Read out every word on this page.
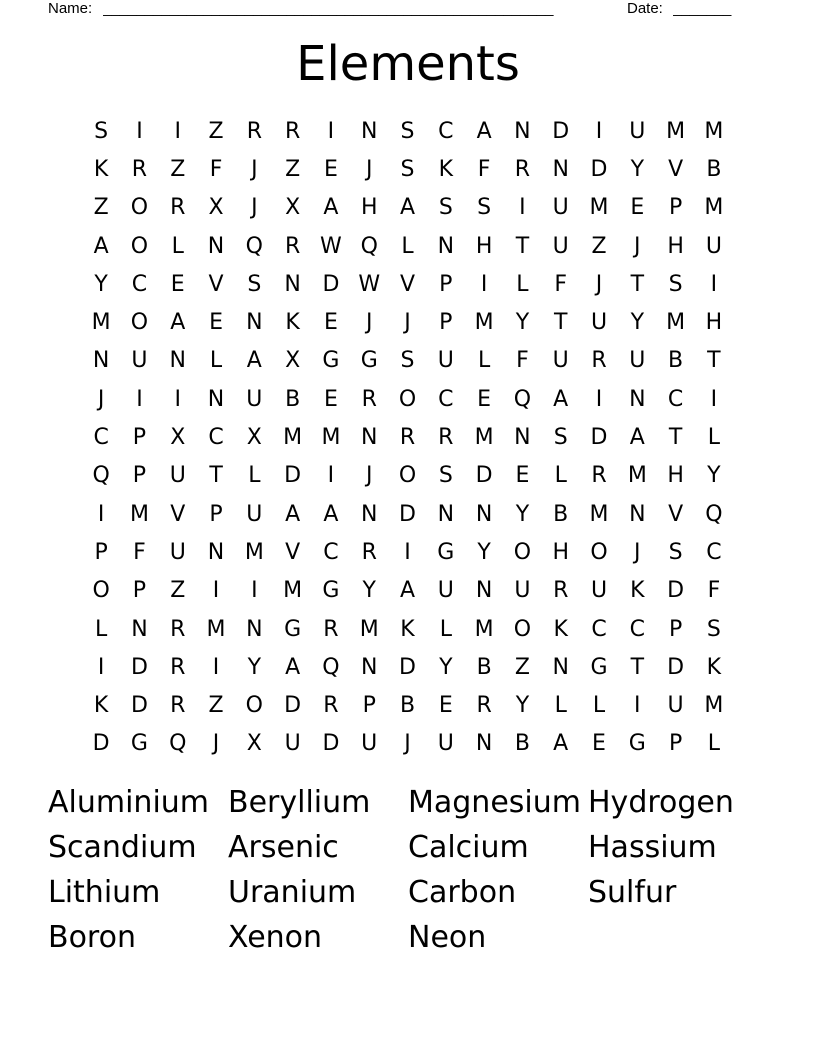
Name: ______________________________________________________	Date: _______
Elements
S	I	I	Z	R	R	I	N	S	C	A	N D	I	U M M
K	R	Z	F	J	Z	E	J	S	K	F	R	N D	Y	V	B
Z	O R	X	J	X	A	H	A	S	S	I	U M E	P	M
A	O	L	N Q R W Q	L	N H	T	U	Z	J	H U
Y	C	E	V	S	N D W V	P	I	L	F	J	T	S	I
M O	A	E	N	K	E	J	J	P	M	Y	T	U	Y	M H
N	U	N	L	A	X	G G	S	U	L	F	U	R	U	B	T
J	I	I	N	U	B	E	R O C	E	Q	A	I	N	C	I
C	P	X	C	X M M N	R	R M N	S	D	A	T	L
Q	P	U	T	L	D	I	J	O	S	D	E	L	R M H	Y
I	M V	P	U	A	A	N D N N	Y	B M N	V	Q
P	F	U	N M V	C	R	I	G	Y	O H O	J	S	C
O	P	Z	I	I	M G	Y	A	U	N	U	R	U	K	D	F
L	N	R M N G	R M K	L	M O	K	C	C	P	S
I	D	R	I	Y	A	Q N D	Y	B	Z	N G	T	D	K
K	D	R	Z	O D	R	P	B	E	R	Y	L	L	I	U M
D G Q	J	X	U D U	J	U	N	B	A	E	G	P	L
Aluminium Beryllium	Magnesium Hydrogen
Scandium	Arsenic	Calcium	Hassium
Lithium	Uranium	Carbon	Sulfur
Boron	Xenon	Neon
